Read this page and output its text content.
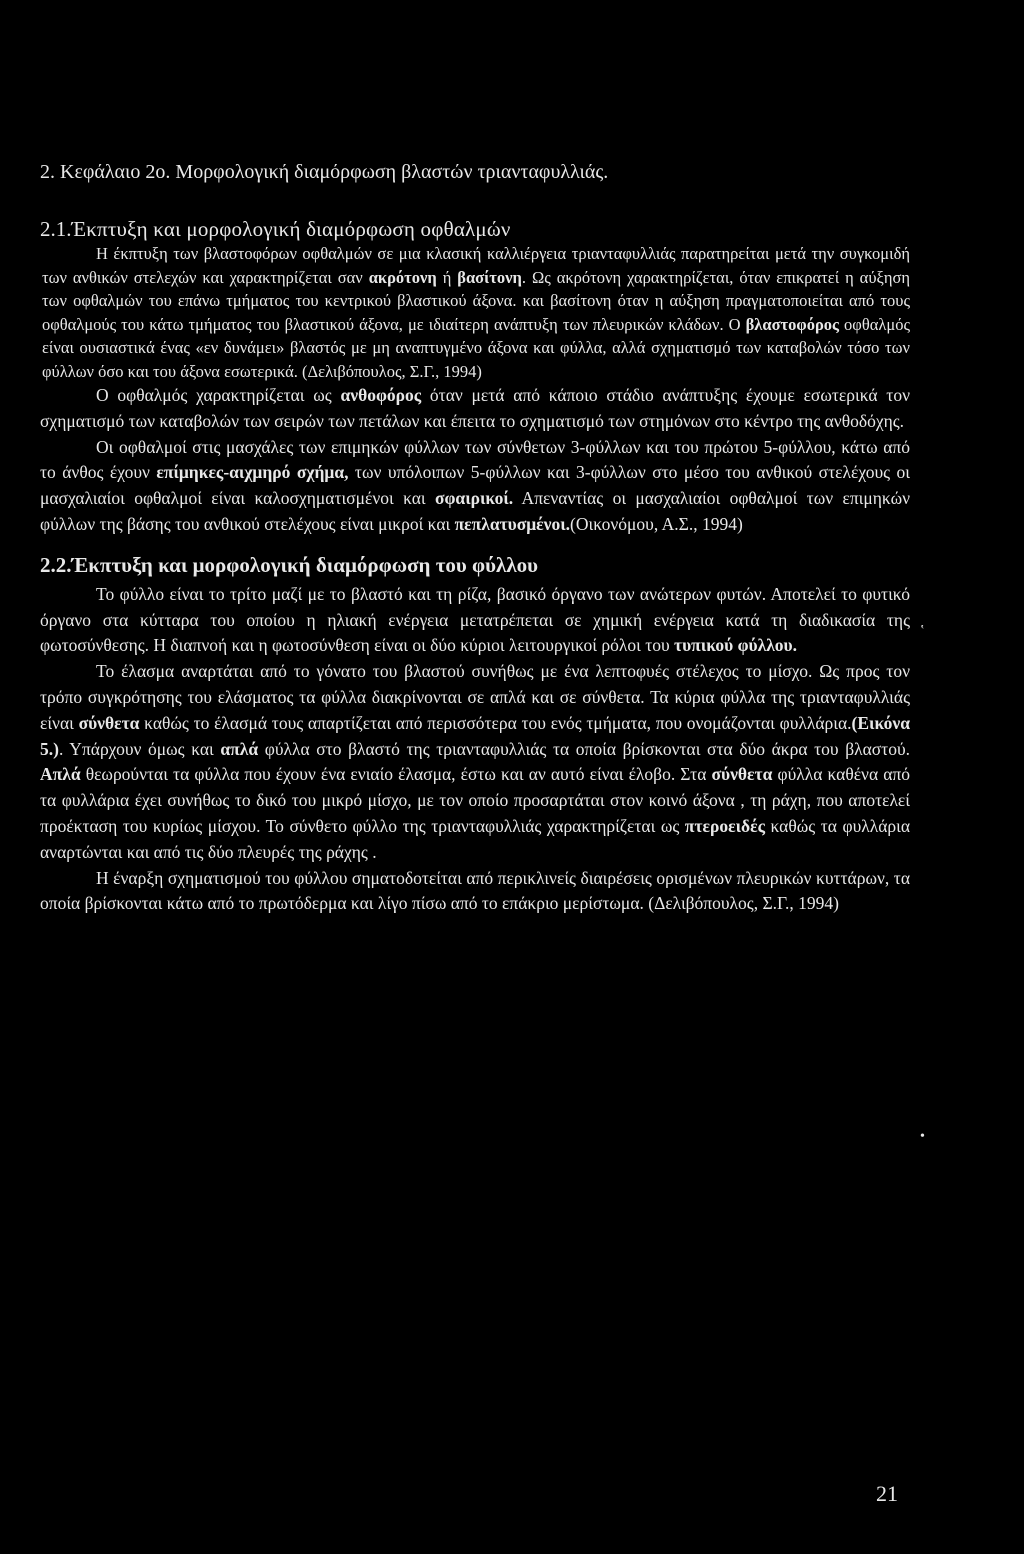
2. Κεφάλαιο 2ο. Μορφολογική διαμόρφωση βλαστών τριανταφυλλιάς.
2.1.Έκπτυξη και μορφολογική διαμόρφωση οφθαλμών

Η έκπτυξη των βλαστοφόρων οφθαλμών σε μια κλασική καλλιέργεια τριανταφυλλιάς παρατηρείται μετά την συγκομιδή των ανθικών στελεχών και χαρακτηρίζεται σαν ακρότονη ή βασίτονη. Ως ακρότονη χαρακτηρίζεται, όταν επικρατεί η αύξηση των οφθαλμών του επάνω τμήματος του κεντρικού βλαστικού άξονα. και βασίτονη όταν η αύξηση πραγματοποιείται από τους οφθαλμούς του κάτω τμήματος του βλαστικού άξονα, με ιδιαίτερη ανάπτυξη των πλευρικών κλάδων. Ο βλαστοφόρος οφθαλμός είναι ουσιαστικά ένας «εν δυνάμει» βλαστός με μη αναπτυγμένο άξονα και φύλλα, αλλά σχηματισμό των καταβολών τόσο των φύλλων όσο και του άξονα εσωτερικά. (Δελιβόπουλος, Σ.Γ., 1994)

Ο οφθαλμός χαρακτηρίζεται ως ανθοφόρος όταν μετά από κάποιο στάδιο ανάπτυξης έχουμε εσωτερικά τον σχηματισμό των καταβολών των σειρών των πετάλων και έπειτα το σχηματισμό των στημόνων στο κέντρο της ανθοδόχης.

Οι οφθαλμοί στις μασχάλες των επιμηκών φύλλων των σύνθετων 3-φύλλων και του πρώτου 5-φύλλου, κάτω από το άνθος έχουν επίμηκες-αιχμηρό σχήμα, των υπόλοιπων 5-φύλλων και 3-φύλλων στο μέσο του ανθικού στελέχους οι μασχαλιαίοι οφθαλμοί είναι καλοσχηματισμένοι και σφαιρικοί. Απεναντίας οι μασχαλιαίοι οφθαλμοί των επιμηκών φύλλων της βάσης του ανθικού στελέχους είναι μικροί και πεπλατυσμένοι.(Οικονόμου, Α.Σ., 1994)

2.2.Έκπτυξη και μορφολογική διαμόρφωση του φύλλου

Το φύλλο είναι το τρίτο μαζί με το βλαστό και τη ρίζα, βασικό όργανο των ανώτερων φυτών. Αποτελεί το φυτικό όργανο στα κύτταρα του οποίου η ηλιακή ενέργεια μετατρέπεται σε χημική ενέργεια κατά τη διαδικασία της φωτοσύνθεσης. Η διαπνοή και η φωτοσύνθεση είναι οι δύο κύριοι λειτουργικοί ρόλοι του τυπικού φύλλου.

Το έλασμα αναρτάται από το γόνατο του βλαστού συνήθως με ένα λεπτοφυές στέλεχος το μίσχο. Ως προς τον τρόπο συγκρότησης του ελάσματος τα φύλλα διακρίνονται σε απλά και σε σύνθετα. Τα κύρια φύλλα της τριανταφυλλιάς είναι σύνθετα καθώς το έλασμά τους απαρτίζεται από περισσότερα του ενός τμήματα, που ονομάζονται φυλλάρια.(Εικόνα 5.). Υπάρχουν όμως και απλά φύλλα στο βλαστό της τριανταφυλλιάς τα οποία βρίσκονται στα δύο άκρα του βλαστού. Απλά θεωρούνται τα φύλλα που έχουν ένα ενιαίο έλασμα, έστω και αν αυτό είναι έλοβο. Στα σύνθετα φύλλα καθένα από τα φυλλάρια έχει συνήθως το δικό του μικρό μίσχο, με τον οποίο προσαρτάται στον κοινό άξονα , τη ράχη, που αποτελεί προέκταση του κυρίως μίσχου. Το σύνθετο φύλλο της τριανταφυλλιάς χαρακτηρίζεται ως πτεροειδές καθώς τα φυλλάρια αναρτώνται και από τις δύο πλευρές της ράχης .

Η έναρξη σχηματισμού του φύλλου σηματοδοτείται από περικλινείς διαιρέσεις ορισμένων πλευρικών κυττάρων, τα οποία βρίσκονται κάτω από το πρωτόδερμα και λίγο πίσω από το επάκριο μερίστωμα. (Δελιβόπουλος, Σ.Γ., 1994)

‛
•
21
